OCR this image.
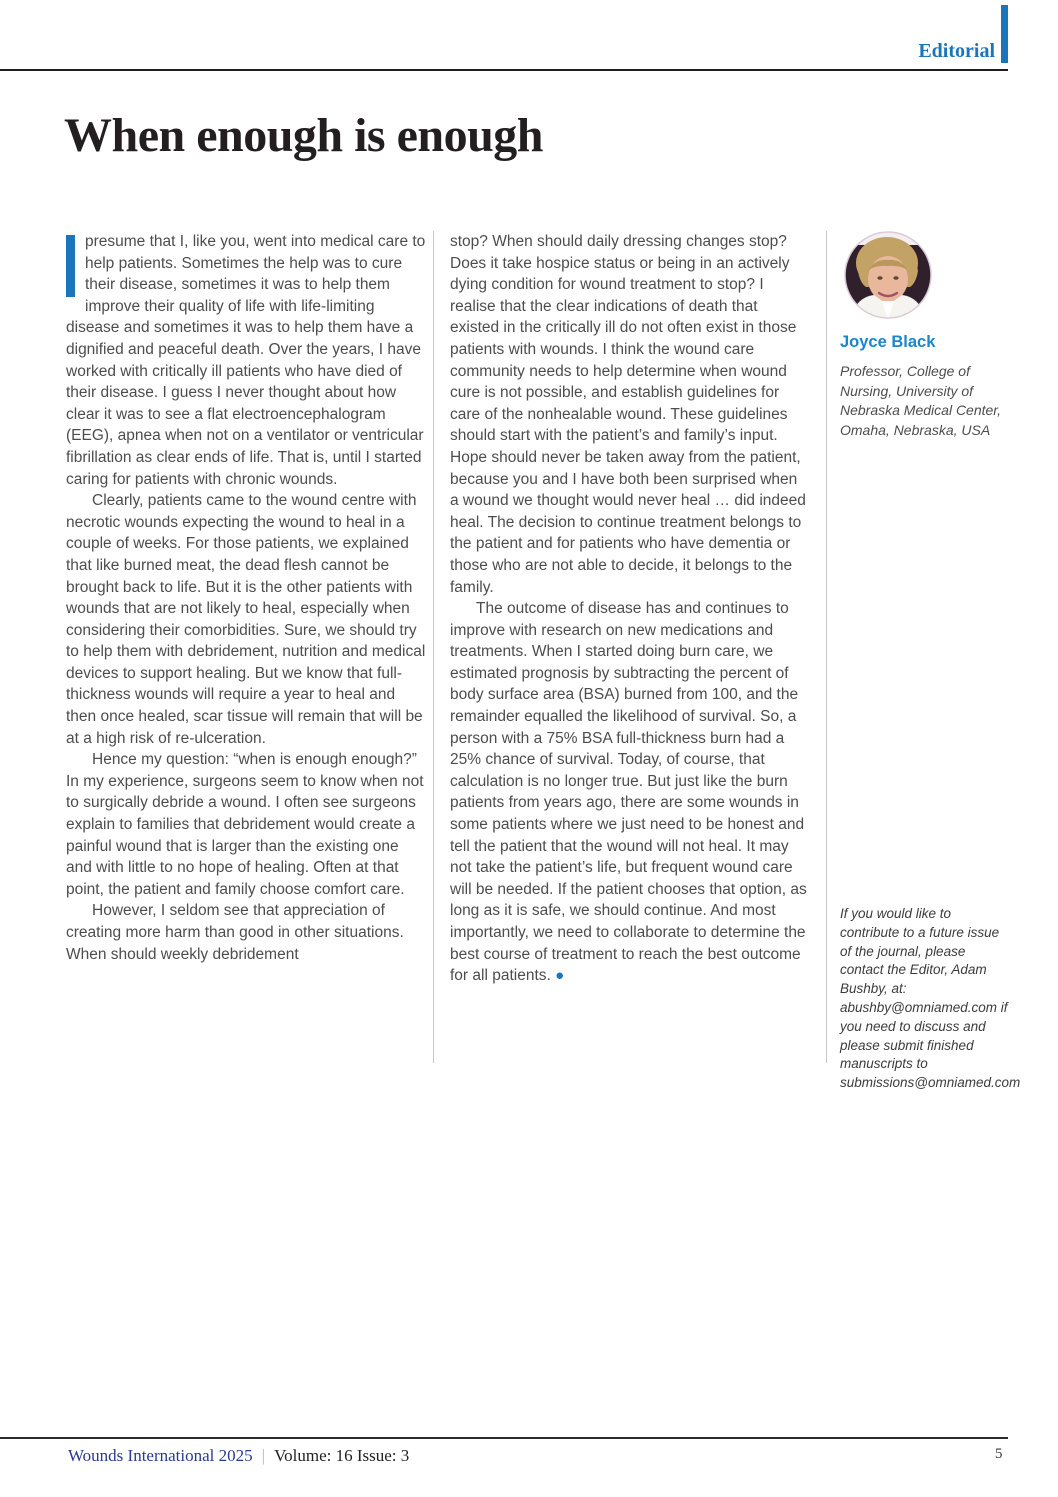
Editorial
When enough is enough

presume that I, like you, went into medical care to help patients. Sometimes the help was to cure their disease, sometimes it was to help them improve their quality of life with life-limiting disease and sometimes it was to help them have a dignified and peaceful death. Over the years, I have worked with critically ill patients who have died of their disease. I guess I never thought about how clear it was to see a flat electroencephalogram (EEG), apnea when not on a ventilator or ventricular fibrillation as clear ends of life. That is, until I started caring for patients with chronic wounds.

Clearly, patients came to the wound centre with necrotic wounds expecting the wound to heal in a couple of weeks. For those patients, we explained that like burned meat, the dead flesh cannot be brought back to life. But it is the other patients with wounds that are not likely to heal, especially when considering their comorbidities. Sure, we should try to help them with debridement, nutrition and medical devices to support healing. But we know that full-thickness wounds will require a year to heal and then once healed, scar tissue will remain that will be at a high risk of re-ulceration.

Hence my question: “when is enough enough?” In my experience, surgeons seem to know when not to surgically debride a wound. I often see surgeons explain to families that debridement would create a painful wound that is larger than the existing one and with little to no hope of healing. Often at that point, the patient and family choose comfort care.

However, I seldom see that appreciation of creating more harm than good in other situations. When should weekly debridement

stop? When should daily dressing changes stop? Does it take hospice status or being in an actively dying condition for wound treatment to stop? I realise that the clear indications of death that existed in the critically ill do not often exist in those patients with wounds. I think the wound care community needs to help determine when wound cure is not possible, and establish guidelines for care of the nonhealable wound. These guidelines should start with the patient’s and family’s input. Hope should never be taken away from the patient, because you and I have both been surprised when a wound we thought would never heal … did indeed heal. The decision to continue treatment belongs to the patient and for patients who have dementia or those who are not able to decide, it belongs to the family.

The outcome of disease has and continues to improve with research on new medications and treatments. When I started doing burn care, we estimated prognosis by subtracting the percent of body surface area (BSA) burned from 100, and the remainder equalled the likelihood of survival. So, a person with a 75% BSA full-thickness burn had a 25% chance of survival. Today, of course, that calculation is no longer true. But just like the burn patients from years ago, there are some wounds in some patients where we just need to be honest and tell the patient that the wound will not heal. It may not take the patient’s life, but frequent wound care will be needed. If the patient chooses that option, as long as it is safe, we should continue. And most importantly, we need to collaborate to determine the best course of treatment to reach the best outcome for all patients. ●

Joyce Black
Professor, College of Nursing, University of Nebraska Medical Center, Omaha, Nebraska, USA
If you would like to contribute to a future issue of the journal, please contact the Editor, Adam Bushby, at: abushby@omniamed.com if you need to discuss and please submit finished manuscripts to submissions@omniamed.com
Wounds International 2025 | Volume: 16 Issue: 3	5
